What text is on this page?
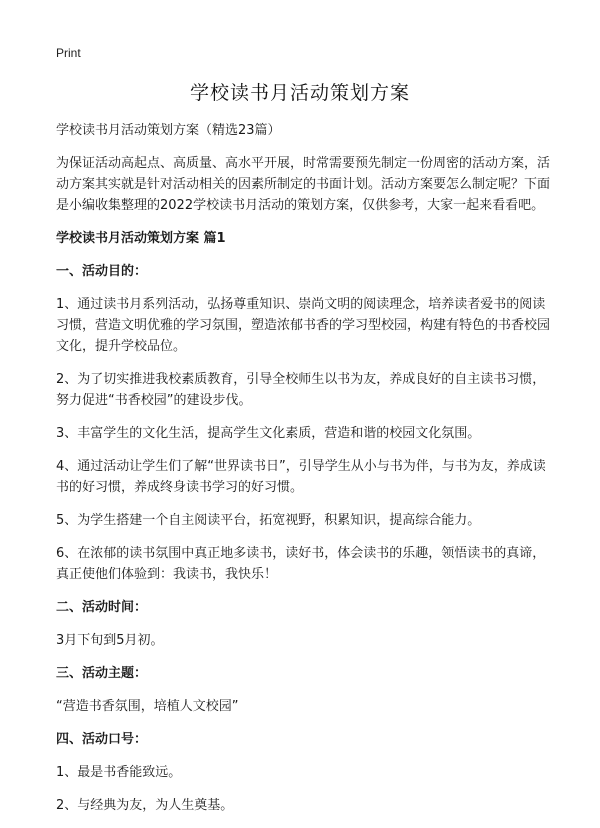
Print
学校读书月活动策划方案

学校读书月活动策划方案（精选23篇）

为保证活动高起点、高质量、高水平开展，时常需要预先制定一份周密的活动方案，活动方案其实就是针对活动相关的因素所制定的书面计划。活动方案要怎么制定呢？下面是小编收集整理的2022学校读书月活动的策划方案，仅供参考，大家一起来看看吧。

学校读书月活动策划方案 篇1

一、活动目的：

1、通过读书月系列活动，弘扬尊重知识、崇尚文明的阅读理念，培养读者爱书的阅读习惯，营造文明优雅的学习氛围，塑造浓郁书香的学习型校园，构建有特色的书香校园文化，提升学校品位。

2、为了切实推进我校素质教育，引导全校师生以书为友，养成良好的自主读书习惯，努力促进“书香校园”的建设步伐。

3、丰富学生的文化生活，提高学生文化素质，营造和谐的校园文化氛围。

4、通过活动让学生们了解“世界读书日”，引导学生从小与书为伴，与书为友，养成读书的好习惯，养成终身读书学习的好习惯。

5、为学生搭建一个自主阅读平台，拓宽视野，积累知识，提高综合能力。

6、在浓郁的读书氛围中真正地多读书，读好书，体会读书的乐趣，领悟读书的真谛，真正使他们体验到：我读书，我快乐！

二、活动时间：

3月下旬到5月初。

三、活动主题：

“营造书香氛围，培植人文校园”

四、活动口号：

1、最是书香能致远。

2、与经典为友，为人生奠基。
